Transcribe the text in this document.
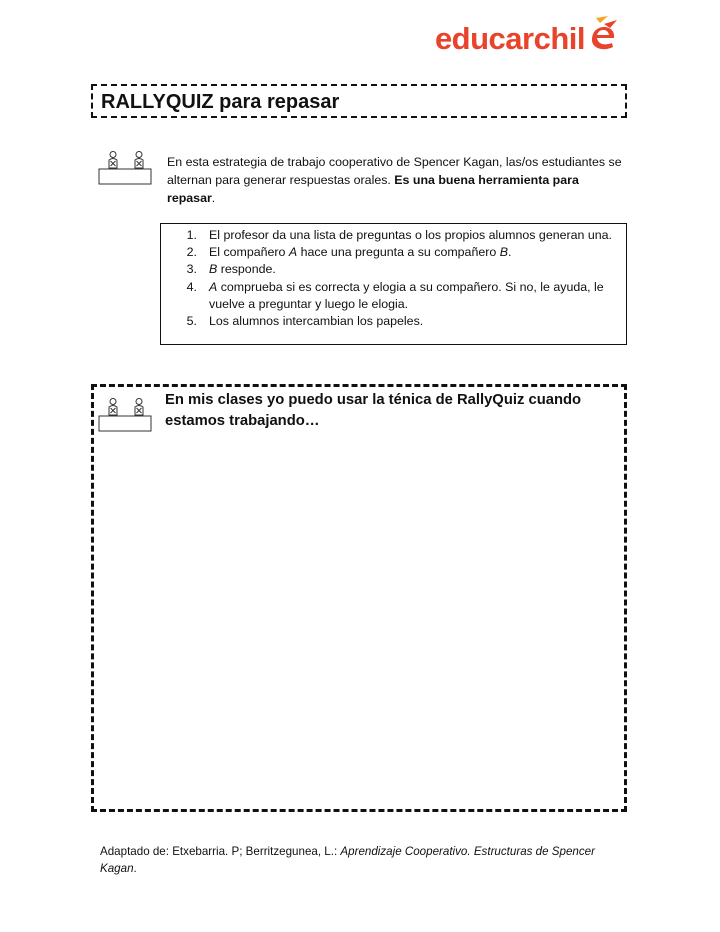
educarchil	e
RALLYQUIZ para repasar
En esta estrategia de trabajo cooperativo de Spencer Kagan, las/os estudiantes se alternan para generar respuestas orales. Es una buena herramienta para repasar.
1. El profesor da una lista de preguntas o los propios alumnos generan una.
2. El compañero A hace una pregunta a su compañero B.
3. B responde.
4. A comprueba si es correcta y elogia a su compañero. Si no, le ayuda, le vuelve a preguntar y luego le elogia.
5. Los alumnos intercambian los papeles.

En mis clases yo puedo usar la ténica de RallyQuiz cuando estamos trabajando…

Adaptado de: Etxebarria. P; Berritzegunea, L.: Aprendizaje Cooperativo. Estructuras de Spencer Kagan.
